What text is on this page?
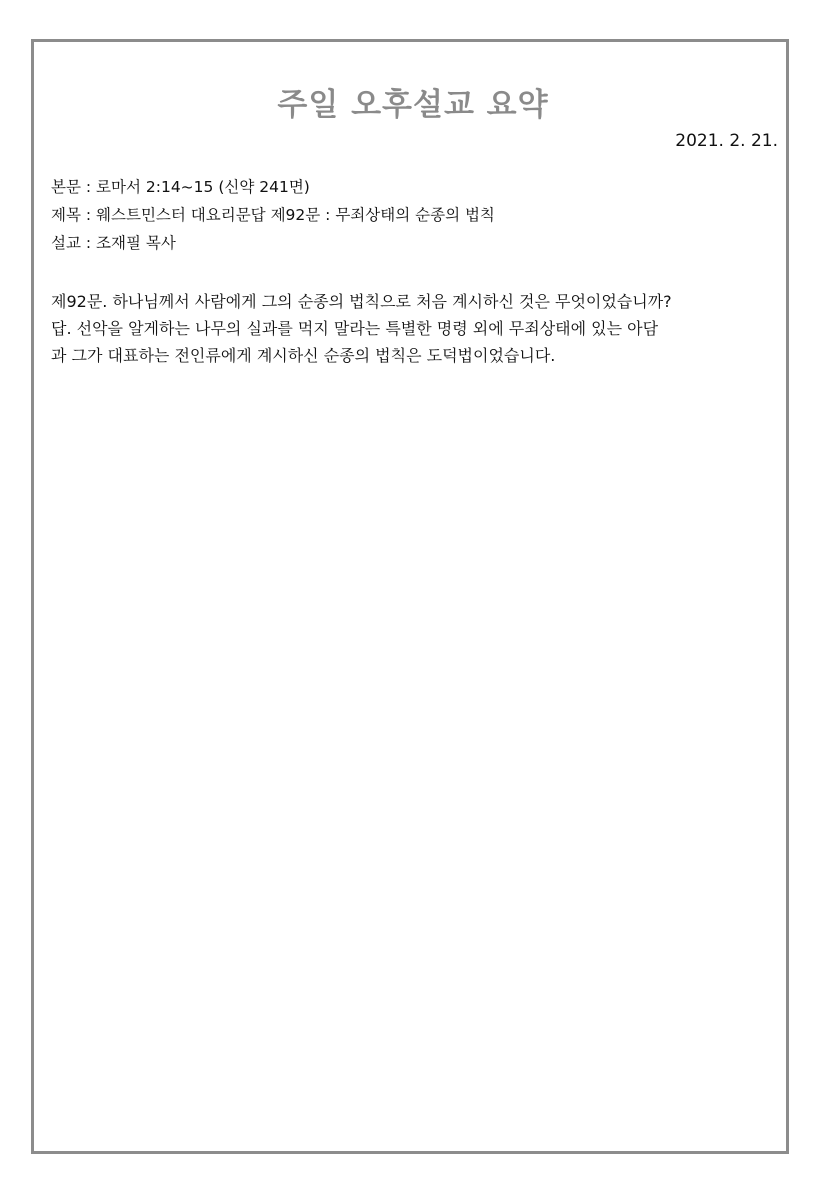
주일 오후설교 요약
2021. 2. 21.
본문 : 로마서 2:14~15 (신약 241면)
제목 : 웨스트민스터 대요리문답 제92문 : 무죄상태의 순종의 법칙
설교 : 조재필 목사
제92문. 하나님께서 사람에게 그의 순종의 법칙으로 처음 계시하신 것은 무엇이었습니까?
답. 선악을 알게하는 나무의 실과를 먹지 말라는 특별한 명령 외에 무죄상태에 있는 아담
과 그가 대표하는 전인류에게 계시하신 순종의 법칙은 도덕법이었습니다.
